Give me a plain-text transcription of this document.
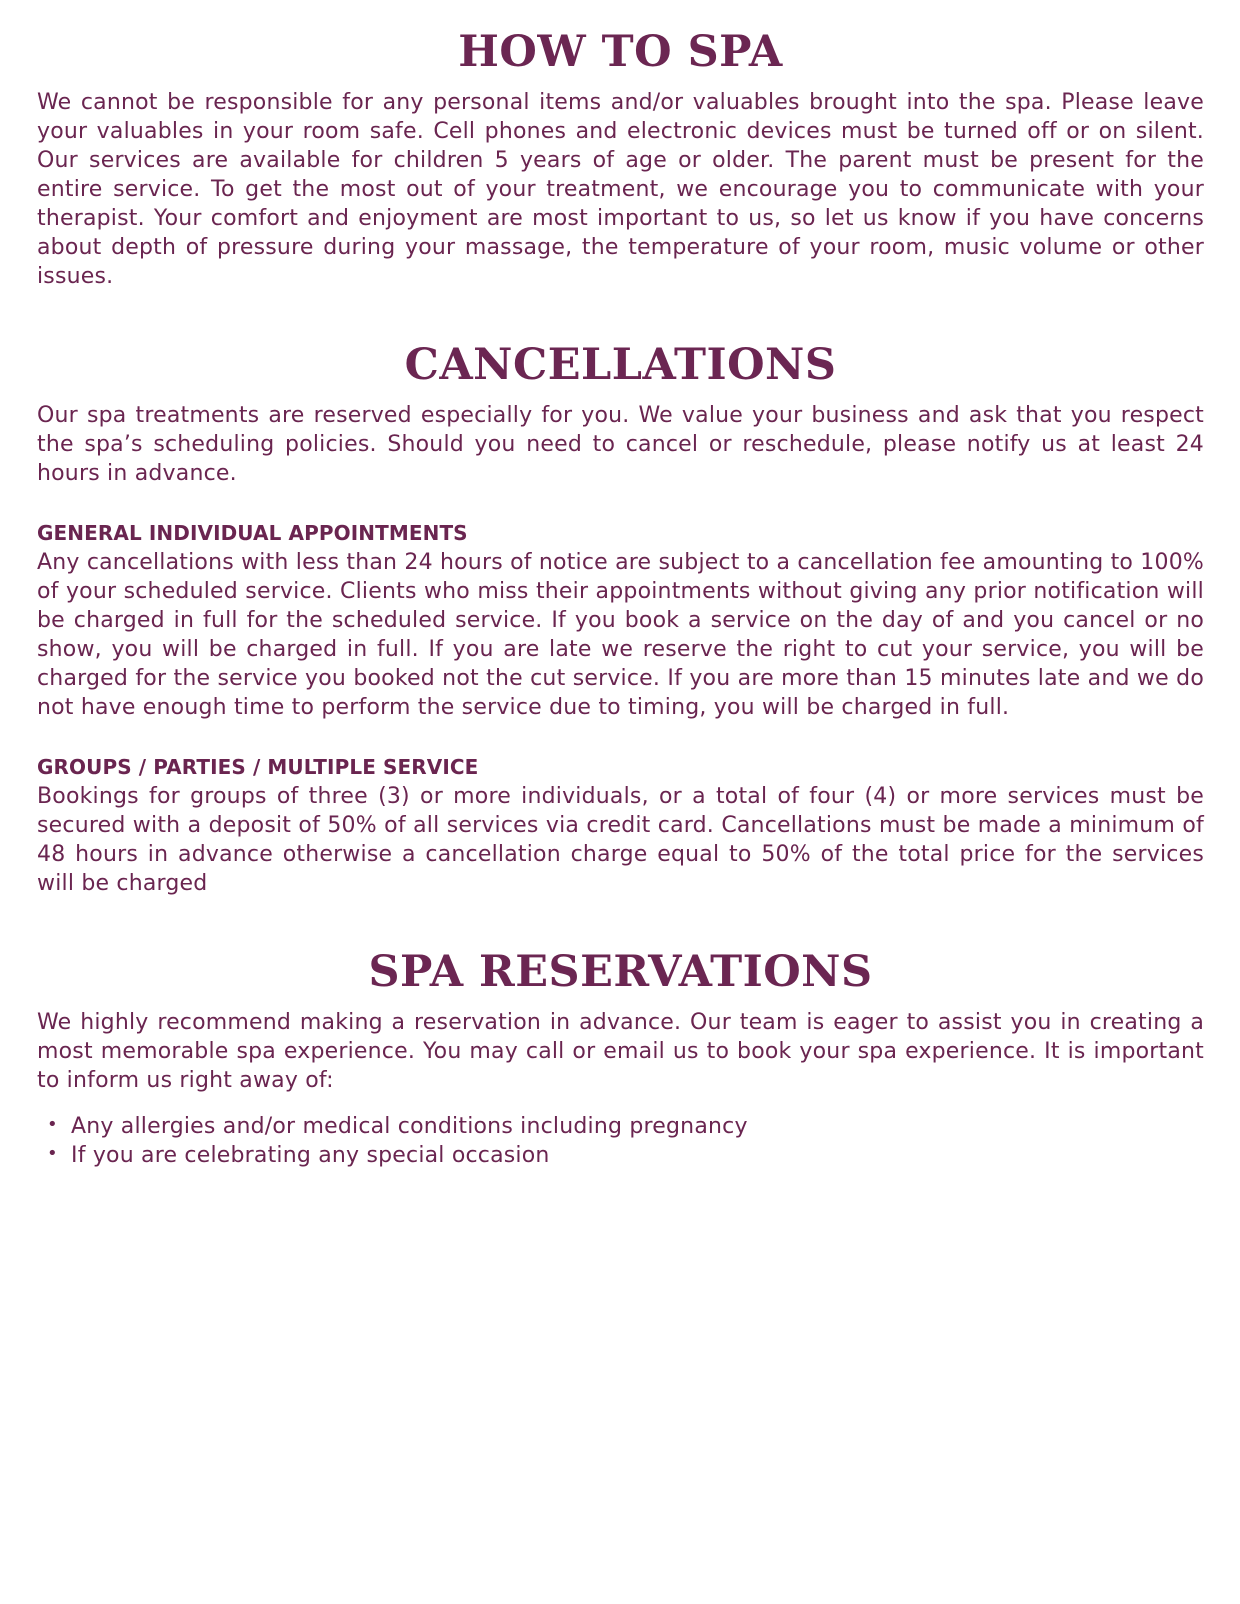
HOW TO SPA

We cannot be responsible for any personal items and/or valuables brought into the spa. Please leave your valuables in your room safe. Cell phones and electronic devices must be turned off or on silent. Our services are available for children 5 years of age or older. The parent must be present for the entire service. To get the most out of your treatment, we encourage you to communicate with your therapist. Your comfort and enjoyment are most important to us, so let us know if you have concerns about depth of pressure during your massage, the temperature of your room, music volume or other issues.

CANCELLATIONS

Our spa treatments are reserved especially for you. We value your business and ask that you respect the spa’s scheduling policies. Should you need to cancel or reschedule, please notify us at least 24 hours in advance.

GENERAL INDIVIDUAL APPOINTMENTS

Any cancellations with less than 24 hours of notice are subject to a cancellation fee amounting to 100% of your scheduled service. Clients who miss their appointments without giving any prior notification will be charged in full for the scheduled service. If you book a service on the day of and you cancel or no show, you will be charged in full. If you are late we reserve the right to cut your service, you will be charged for the service you booked not the cut service. If you are more than 15 minutes late and we do not have enough time to perform the service due to timing, you will be charged in full.

GROUPS / PARTIES / MULTIPLE SERVICE

Bookings for groups of three (3) or more individuals, or a total of four (4) or more services must be secured with a deposit of 50% of all services via credit card. Cancellations must be made a minimum of 48 hours in advance otherwise a cancellation charge equal to 50% of the total price for the services will be charged

SPA RESERVATIONS

We highly recommend making a reservation in advance. Our team is eager to assist you in creating a most memorable spa experience. You may call or email us to book your spa experience. It is important to inform us right away of:

• Any allergies and/or medical conditions including pregnancy
• If you are celebrating any special occasion
